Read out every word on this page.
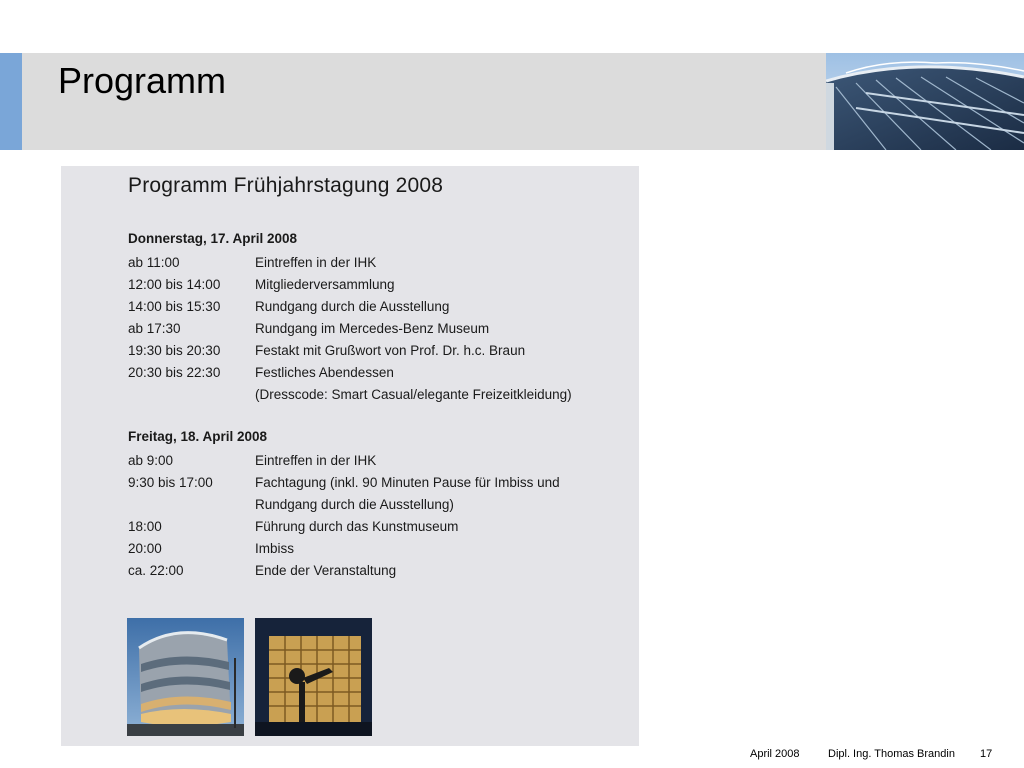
Programm
Programm Frühjahrstagung 2008
Donnerstag, 17. April 2008
ab 11:00	Eintreffen in der IHK
12:00 bis 14:00	Mitgliederversammlung
14:00 bis 15:30	Rundgang durch die Ausstellung
ab 17:30	Rundgang im Mercedes-Benz Museum
19:30 bis 20:30	Festakt mit Grußwort von Prof. Dr. h.c. Braun
20:30 bis 22:30	Festliches Abendessen
(Dresscode: Smart Casual/elegante Freizeitkleidung)
Freitag, 18. April 2008
ab 9:00	Eintreffen in der IHK
9:30 bis 17:00	Fachtagung (inkl. 90 Minuten Pause für Imbiss und
Rundgang durch die Ausstellung)
18:00	Führung durch das Kunstmuseum
20:00	Imbiss
ca. 22:00	Ende der Veranstaltung
April 2008	Dipl. Ing. Thomas Brandin 17
